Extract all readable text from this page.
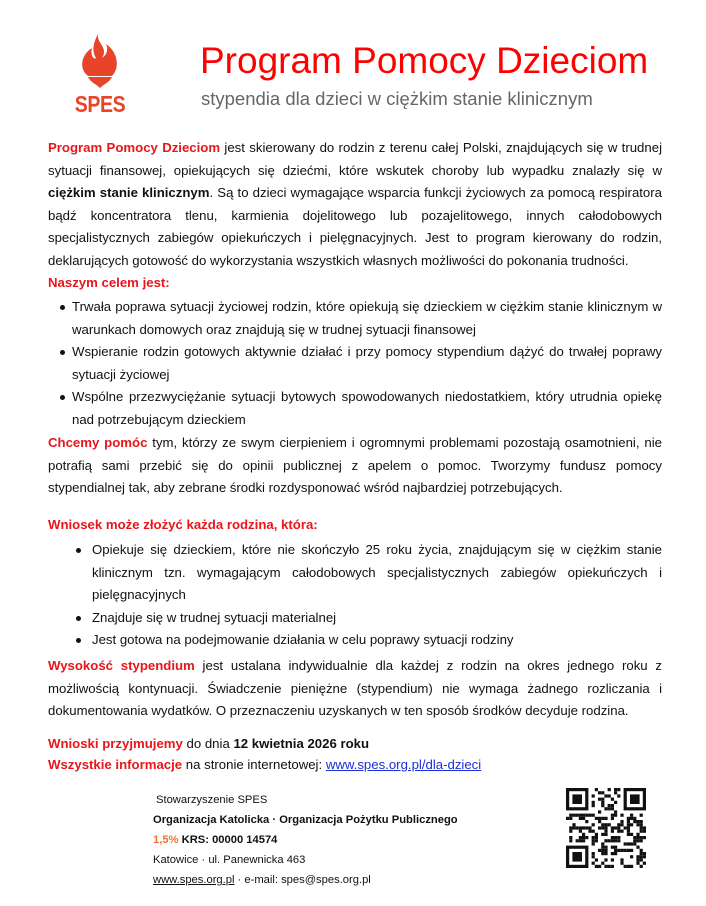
SPES
Program Pomocy Dzieciom
stypendia dla dzieci w ciężkim stanie klinicznym
Program Pomocy Dzieciom jest skierowany do rodzin z terenu całej Polski, znajdujących się w trudnej sytuacji finansowej, opiekujących się dziećmi, które wskutek choroby lub wypadku znalazły się w ciężkim stanie klinicznym. Są to dzieci wymagające wsparcia funkcji życiowych za pomocą respiratora bądź koncentratora tlenu, karmienia dojelitowego lub pozajelitowego, innych całodobowych specjalistycznych zabiegów opiekuńczych i pielęgnacyjnych. Jest to program kierowany do rodzin, deklarujących gotowość do wykorzystania wszystkich własnych możliwości do pokonania trudności.
Naszym celem jest:
Trwała poprawa sytuacji życiowej rodzin, które opiekują się dzieckiem w ciężkim stanie klinicznym w warunkach domowych oraz znajdują się w trudnej sytuacji finansowej
Wspieranie rodzin gotowych aktywnie działać i przy pomocy stypendium dążyć do trwałej poprawy sytuacji życiowej
Wspólne przezwyciężanie sytuacji bytowych spowodowanych niedostatkiem, który utrudnia opiekę nad potrzebującym dzieckiem
Chcemy pomóc tym, którzy ze swym cierpieniem i ogromnymi problemami pozostają osamotnieni, nie potrafią sami przebić się do opinii publicznej z apelem o pomoc. Tworzymy fundusz pomocy stypendialnej tak, aby zebrane środki rozdysponować wśród najbardziej potrzebujących.
Wniosek może złożyć każda rodzina, która:
Opiekuje się dzieckiem, które nie skończyło 25 roku życia, znajdującym się w ciężkim stanie klinicznym tzn. wymagającym całodobowych specjalistycznych zabiegów opiekuńczych i pielęgnacyjnych
Znajduje się w trudnej sytuacji materialnej
Jest gotowa na podejmowanie działania w celu poprawy sytuacji rodziny
Wysokość stypendium jest ustalana indywidualnie dla każdej z rodzin na okres jednego roku z możliwością kontynuacji. Świadczenie pieniężne (stypendium) nie wymaga żadnego rozliczania i dokumentowania wydatków. O przeznaczeniu uzyskanych w ten sposób środków decyduje rodzina.
Wnioski przyjmujemy do dnia 12 kwietnia 2026 roku
Wszystkie informacje na stronie internetowej: www.spes.org.pl/dla-dzieci
Stowarzyszenie SPES
Organizacja Katolicka · Organizacja Pożytku Publicznego
1,5% KRS: 00000 14574
Katowice · ul. Panewnicka 463
www.spes.org.pl · e-mail: spes@spes.org.pl
